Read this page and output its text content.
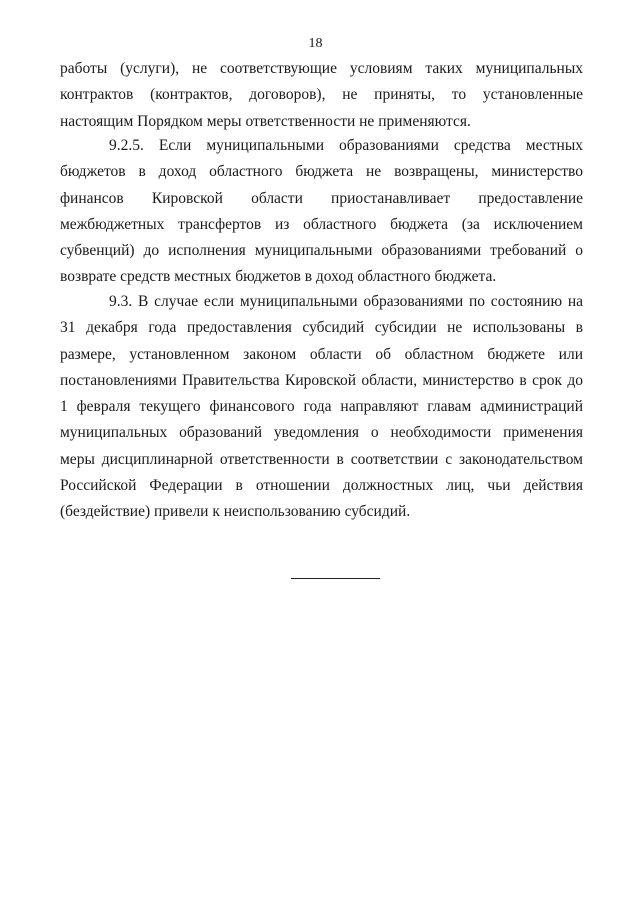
18
работы (услуги), не соответствующие условиям таких муниципальных
контрактов (контрактов, договоров), не приняты, то установленные
настоящим Порядком меры ответственности не применяются.
9.2.5. Если муниципальными образованиями средства местных
бюджетов в доход областного бюджета не возвращены, министерство
финансов Кировской области приостанавливает предоставление
межбюджетных трансфертов из областного бюджета (за исключением
субвенций) до исполнения муниципальными образованиями требований о
возврате средств местных бюджетов в доход областного бюджета.
9.3. В случае если муниципальными образованиями по состоянию на
31 декабря года предоставления субсидий субсидии не использованы в
размере, установленном законом области об областном бюджете или
постановлениями Правительства Кировской области, министерство в срок до
1 февраля текущего финансового года направляют главам администраций
муниципальных образований уведомления о необходимости применения
меры дисциплинарной ответственности в соответствии с законодательством
Российской Федерации в отношении должностных лиц, чьи действия
(бездействие) привели к неиспользованию субсидий.
